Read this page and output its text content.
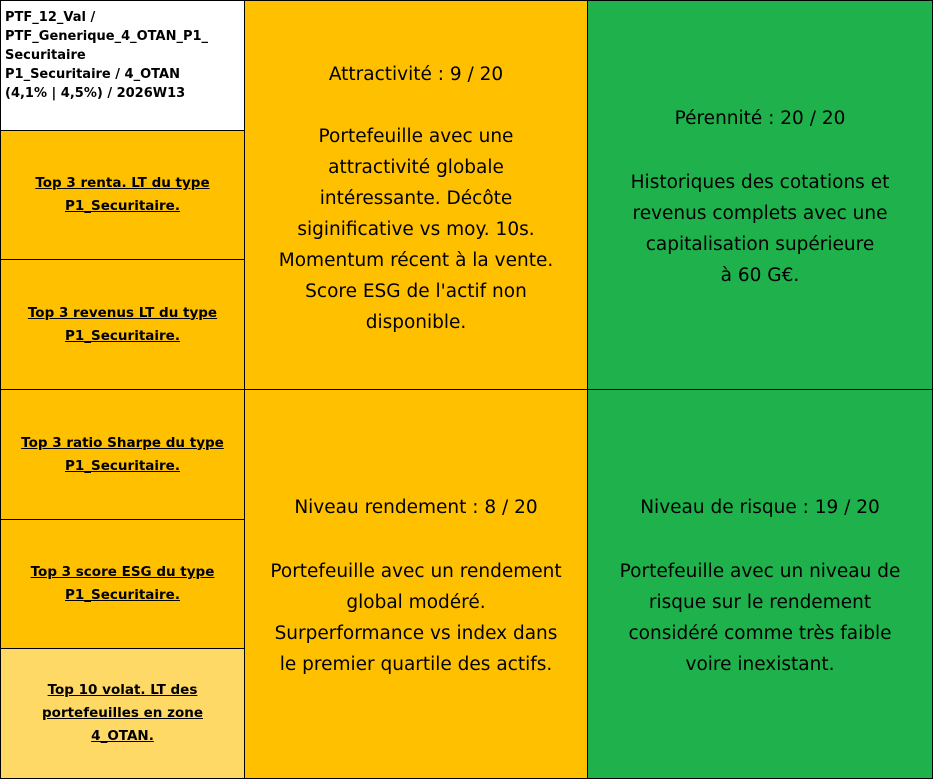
PTF_12_Val /
PTF_Generique_4_OTAN_P1_
Securitaire
P1_Securitaire / 4_OTAN
(4,1% | 4,5%) / 2026W13
Top 3 renta. LT du type
P1_Securitaire.
Top 3 revenus LT du type
P1_Securitaire.
Top 3 ratio Sharpe du type
P1_Securitaire.
Top 3 score ESG du type
P1_Securitaire.
Top 10 volat. LT des
portefeuilles en zone
4_OTAN.
Attractivité : 9 / 20
Portefeuille avec une
attractivité globale
intéressante. Décôte
siginificative vs moy. 10s.
Momentum récent à la vente.
Score ESG de l'actif non
disponible.
Pérennité : 20 / 20
Historiques des cotations et
revenus complets avec une
capitalisation supérieure
à 60 G€.
Niveau rendement : 8 / 20
Portefeuille avec un rendement
global modéré.
Surperformance vs index dans
le premier quartile des actifs.
Niveau de risque : 19 / 20
Portefeuille avec un niveau de
risque sur le rendement
considéré comme très faible
voire inexistant.
